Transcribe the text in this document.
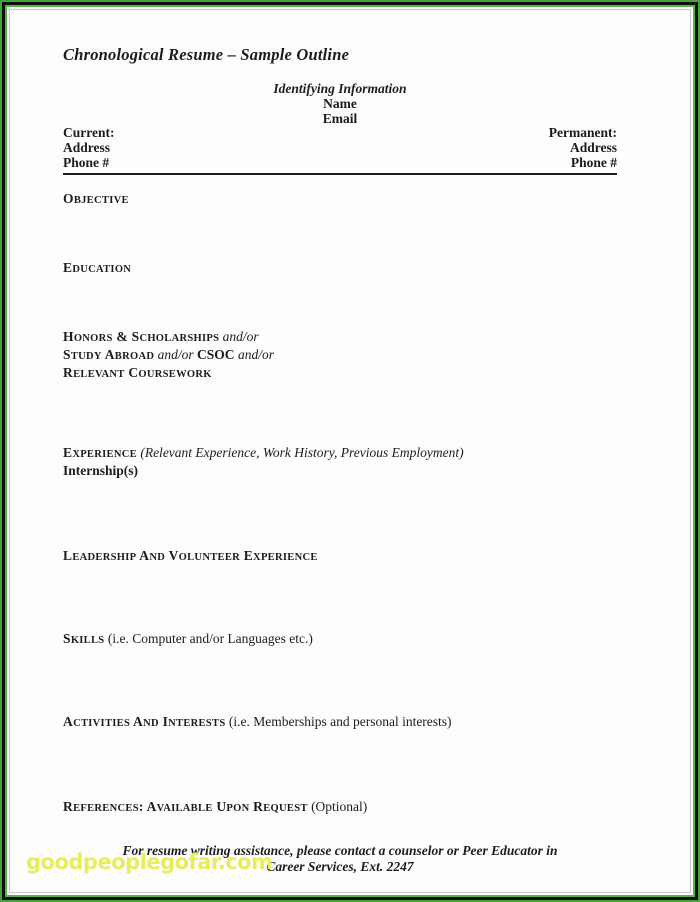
Chronological Resume – Sample Outline
Identifying Information
Name
Email
Current:
Address
Phone #
Permanent:
Address
Phone #
OBJECTIVE
EDUCATION
HONORS & SCHOLARSHIPS and/or
STUDY ABROAD and/or CSOC and/or
RELEVANT COURSEWORK
EXPERIENCE (Relevant Experience, Work History, Previous Employment)
Internship(s)
LEADERSHIP AND VOLUNTEER EXPERIENCE
SKILLS (i.e. Computer and/or Languages etc.)
ACTIVITIES AND INTERESTS (i.e. Memberships and personal interests)
REFERENCES: AVAILABLE UPON REQUEST (Optional)
For resume writing assistance, please contact a counselor or Peer Educator in
Career Services, Ext. 2247
goodpeoplegofar.com
